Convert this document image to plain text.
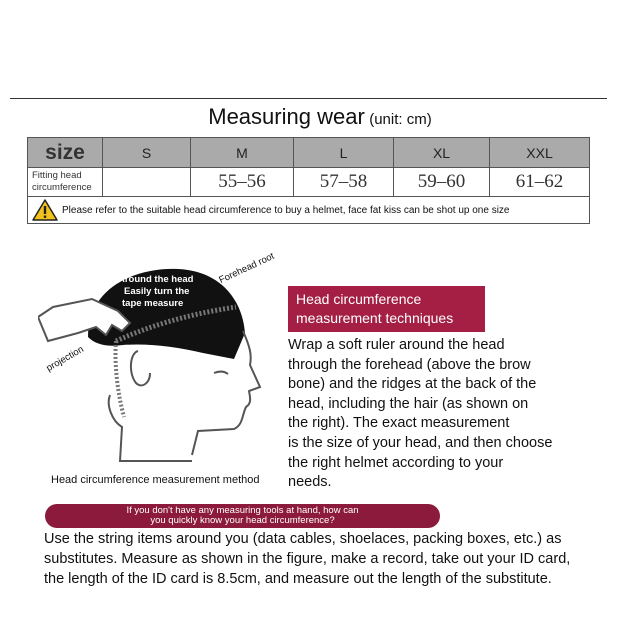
Measuring wear (unit: cm)
size	S	M	L	XL	XXL

Fitting head
circumference		55–56	57–58	59–60	61–62

Please refer to the suitable head circumference to buy a helmet, face fat kiss can be shot up one size					
Around the head
Easily turn the
tape measure
Forehead root
projection
Head circumference measurement method
Head circumference
measurement techniques
Wrap a soft ruler around the head
through the forehead (above the brow
bone) and the ridges at the back of the
head, including the hair (as shown on
the right). The exact measurement
is the size of your head, and then choose
the right helmet according to your
needs.
If you don't have any measuring tools at hand, how can
you quickly know your head circumference?
Use the string items around you (data cables, shoelaces, packing boxes, etc.) as
substitutes. Measure as shown in the figure, make a record, take out your ID card,
the length of the ID card is 8.5cm, and measure out the length of the substitute.
